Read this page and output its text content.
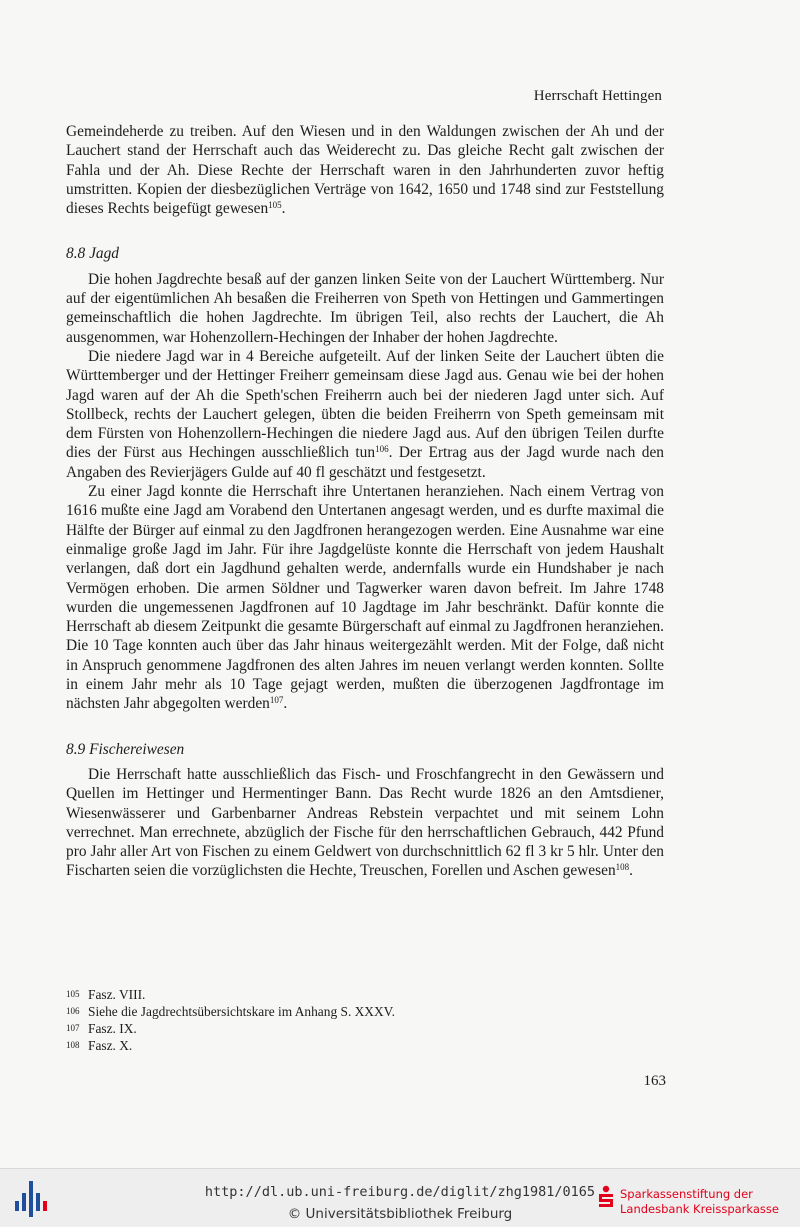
Herrschaft Hettingen

Gemeindeherde zu treiben. Auf den Wiesen und in den Waldungen zwischen der Ah und der Lauchert stand der Herrschaft auch das Weiderecht zu. Das gleiche Recht galt zwischen der Fahla und der Ah. Diese Rechte der Herrschaft waren in den Jahrhunderten zuvor heftig umstritten. Kopien der diesbezüglichen Verträge von 1642, 1650 und 1748 sind zur Feststellung dieses Rechts beigefügt gewesen$^{105}$.

8.8 Jagd

Die hohen Jagdrechte besaß auf der ganzen linken Seite von der Lauchert Württemberg. Nur auf der eigentümlichen Ah besaßen die Freiherren von Speth von Hettingen und Gammertingen gemeinschaftlich die hohen Jagdrechte. Im übrigen Teil, also rechts der Lauchert, die Ah ausgenommen, war Hohenzollern-Hechingen der Inhaber der hohen Jagdrechte.

Die niedere Jagd war in 4 Bereiche aufgeteilt. Auf der linken Seite der Lauchert übten die Württemberger und der Hettinger Freiherr gemeinsam diese Jagd aus. Genau wie bei der hohen Jagd waren auf der Ah die Speth'schen Freiherrn auch bei der niederen Jagd unter sich. Auf Stollbeck, rechts der Lauchert gelegen, übten die beiden Freiherrn von Speth gemeinsam mit dem Fürsten von Hohenzollern-Hechingen die niedere Jagd aus. Auf den übrigen Teilen durfte dies der Fürst aus Hechingen ausschließlich tun$^{106}$. Der Ertrag aus der Jagd wurde nach den Angaben des Revierjägers Gulde auf 40 fl geschätzt und festgesetzt.

Zu einer Jagd konnte die Herrschaft ihre Untertanen heranziehen. Nach einem Vertrag von 1616 mußte eine Jagd am Vorabend den Untertanen angesagt werden, und es durfte maximal die Hälfte der Bürger auf einmal zu den Jagdfronen herangezogen werden. Eine Ausnahme war eine einmalige große Jagd im Jahr. Für ihre Jagdgelüste konnte die Herrschaft von jedem Haushalt verlangen, daß dort ein Jagdhund gehalten werde, andernfalls wurde ein Hundshaber je nach Vermögen erhoben. Die armen Söldner und Tagwerker waren davon befreit. Im Jahre 1748 wurden die ungemessenen Jagdfronen auf 10 Jagdtage im Jahr beschränkt. Dafür konnte die Herrschaft ab diesem Zeitpunkt die gesamte Bürgerschaft auf einmal zu Jagdfronen heranziehen. Die 10 Tage konnten auch über das Jahr hinaus weitergezählt werden. Mit der Folge, daß nicht in Anspruch genommene Jagdfronen des alten Jahres im neuen verlangt werden konnten. Sollte in einem Jahr mehr als 10 Tage gejagt werden, mußten die überzogenen Jagdfrontage im nächsten Jahr abgegolten werden$^{107}$.

8.9 Fischereiwesen

Die Herrschaft hatte ausschließlich das Fisch- und Froschfangrecht in den Gewässern und Quellen im Hettinger und Hermentinger Bann. Das Recht wurde 1826 an den Amtsdiener, Wiesenwässerer und Garbenbarner Andreas Rebstein verpachtet und mit seinem Lohn verrechnet. Man errechnete, abzüglich der Fische für den herrschaftlichen Gebrauch, 442 Pfund pro Jahr aller Art von Fischen zu einem Geldwert von durchschnittlich 62 fl 3 kr 5 hlr. Unter den Fischarten seien die vorzüglichsten die Hechte, Treuschen, Forellen und Aschen gewesen$^{108}$.

105 Fasz. VIII.
106 Siehe die Jagdrechtsübersichtskare im Anhang S. XXXV.
107 Fasz. IX.
108 Fasz. X.
163
http://dl.ub.uni-freiburg.de/diglit/zhg1981/0165
© Universitätsbibliothek Freiburg
Sparkassenstiftung der
Landesbank Kreissparkasse
